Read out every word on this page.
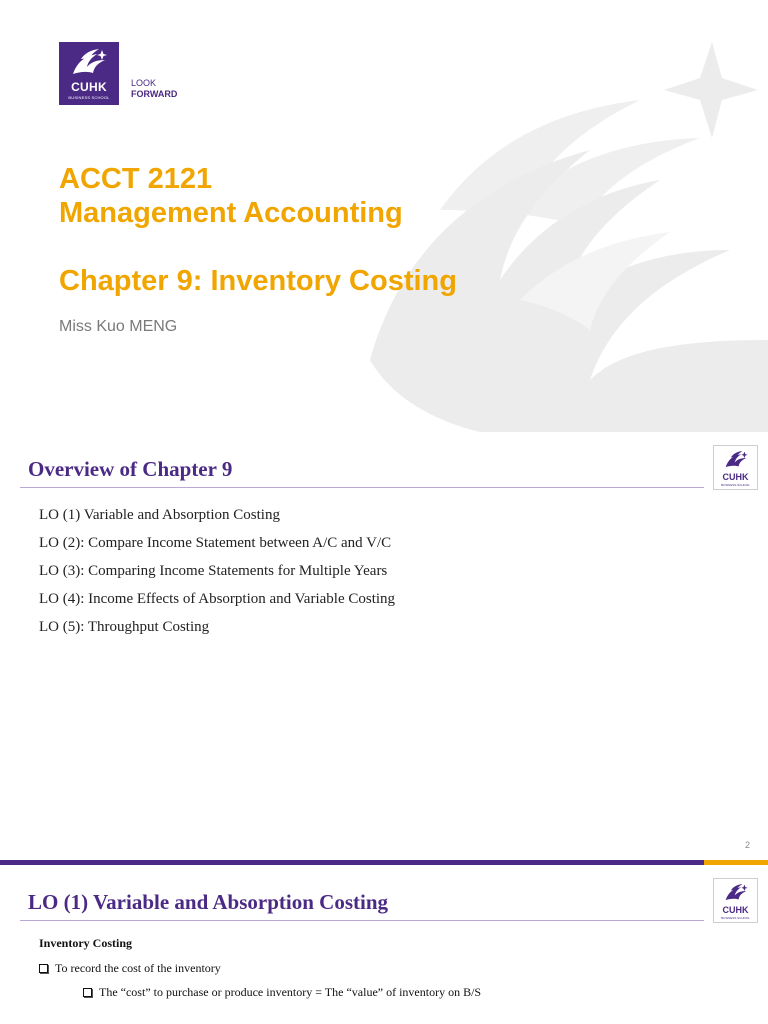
CUHK
BUSINESS SCHOOL
LOOK
FORWARD
ACCT 2121
Management Accounting
Chapter 9: Inventory Costing
Miss Kuo MENG
Overview of Chapter 9	CUHK
BUSINESS SCHOOL
LO (1) Variable and Absorption Costing
LO (2): Compare Income Statement between A/C and V/C
LO (3): Comparing Income Statements for Multiple Years
LO (4): Income Effects of Absorption and Variable Costing
LO (5): Throughput Costing
2
LO (1) Variable and Absorption Costing	CUHK
BUSINESS SCHOOL
Inventory Costing
To record the cost of the inventory
The “cost” to purchase or produce inventory = The “value” of inventory on B/S
